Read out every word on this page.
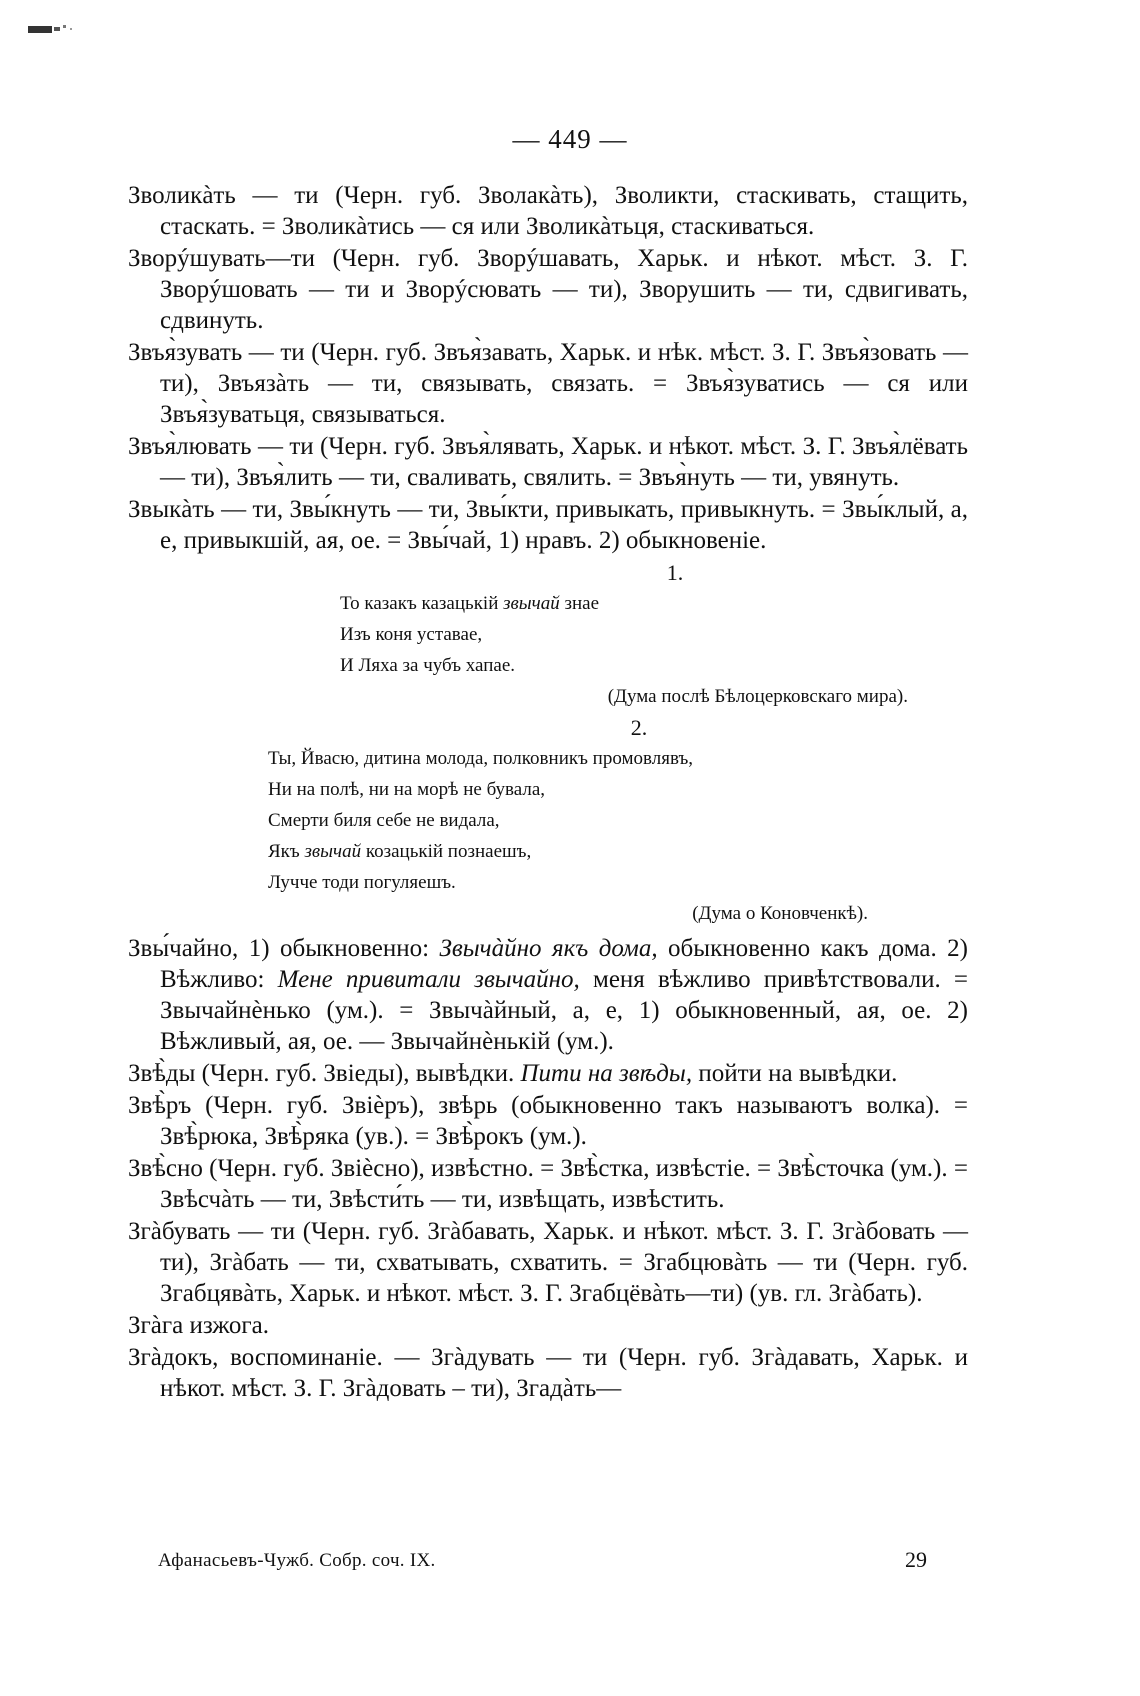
— 449 —

Зволикàть — ти (Черн. губ. Зволакàть), Зволикти, стаскивать, стащить, стаскать. = Зволикàтись — ся или Зволикàтьця, стаскиваться.

Зворýшувать—ти (Черн. губ. Зворýшавать, Харьк. и нѣкот. мѣст. З. Г. Зворýшовать — ти и Зворýсювать — ти), Зворушить — ти, сдвигивать, сдвинуть.

Звъя̀зувать — ти (Черн. губ. Звъя̀завать, Харьк. и нѣк. мѣст. З. Г. Звъя̀зовать — ти), Звъязàть — ти, связывать, связать. = Звъя̀зуватись — ся или Звъя̀зуватьця, связываться.

Звъя̀лювать — ти (Черн. губ. Звъя̀лявать, Харьк. и нѣкот. мѣст. З. Г. Звъя̀лёвать — ти), Звъя̀лить — ти, сваливать, свялить. = Звъя̀нуть — ти, увянуть.

Звыкàть — ти, Звы́кнуть — ти, Звы́кти, привыкать, привыкнуть. = Звы́клый, а, е, привыкшій, ая, ое. = Звы́чай, 1) нравъ. 2) обыкновеніе.

1.
То казакъ казацькій звычай знае
Изъ коня уставае,
И Ляха за чубъ хапае.
(Дума послѣ Бѣлоцерковскаго мира).
2.
Ты, Йвасю, дитина молода, полковникъ промовлявъ,
Ни на полѣ, ни на морѣ не бувала,
Смерти биля себе не видала,
Якъ звычай козацькій познаешъ,
Лучче тоди погуляешъ.
(Дума о Коновченкѣ).

Звы́чайно, 1) обыкновенно: Звычàйно якъ дома, обыкновенно какъ дома. 2) Вѣжливо: Мене привитали звычайно, меня вѣжливо привѣтствовали. = Звычайнѐнько (ум.). = Звычàйный, а, е, 1) обыкновенный, ая, ое. 2) Вѣжливый, ая, ое. — Звычайнѐнькій (ум.).

Звѣ̀ды (Черн. губ. Звіеды), вывѣдки. Пити на звѣды, пойти на вывѣдки.

Звѣ̀ръ (Черн. губ. Звіѐръ), звѣрь (обыкновенно такъ называютъ волка). = Звѣ̀рюка, Звѣ̀ряка (ув.). = Звѣ̀рокъ (ум.).

Звѣ̀сно (Черн. губ. Звіѐсно), извѣстно. = Звѣ̀стка, извѣстіе. = Звѣ̀сточка (ум.). = Звѣсчàть — ти, Звѣсти́ть — ти, извѣщать, извѣстить.

Згàбувать — ти (Черн. губ. Згàбавать, Харьк. и нѣкот. мѣст. З. Г. Згàбовать — ти), Згàбать — ти, схватывать, схватить. = Згабцювàть — ти (Черн. губ. Згабцявàть, Харьк. и нѣкот. мѣст. З. Г. Згабцёвàть—ти) (ув. гл. Згàбать).

Згàга изжога.

Згàдокъ, воспоминаніе. — Згàдувать — ти (Черн. губ. Згàдавать, Харьк. и нѣкот. мѣст. З. Г. Згàдовать – ти), Згадàть—

Афанасьевъ-Чужб. Собр. соч. IX.	29
